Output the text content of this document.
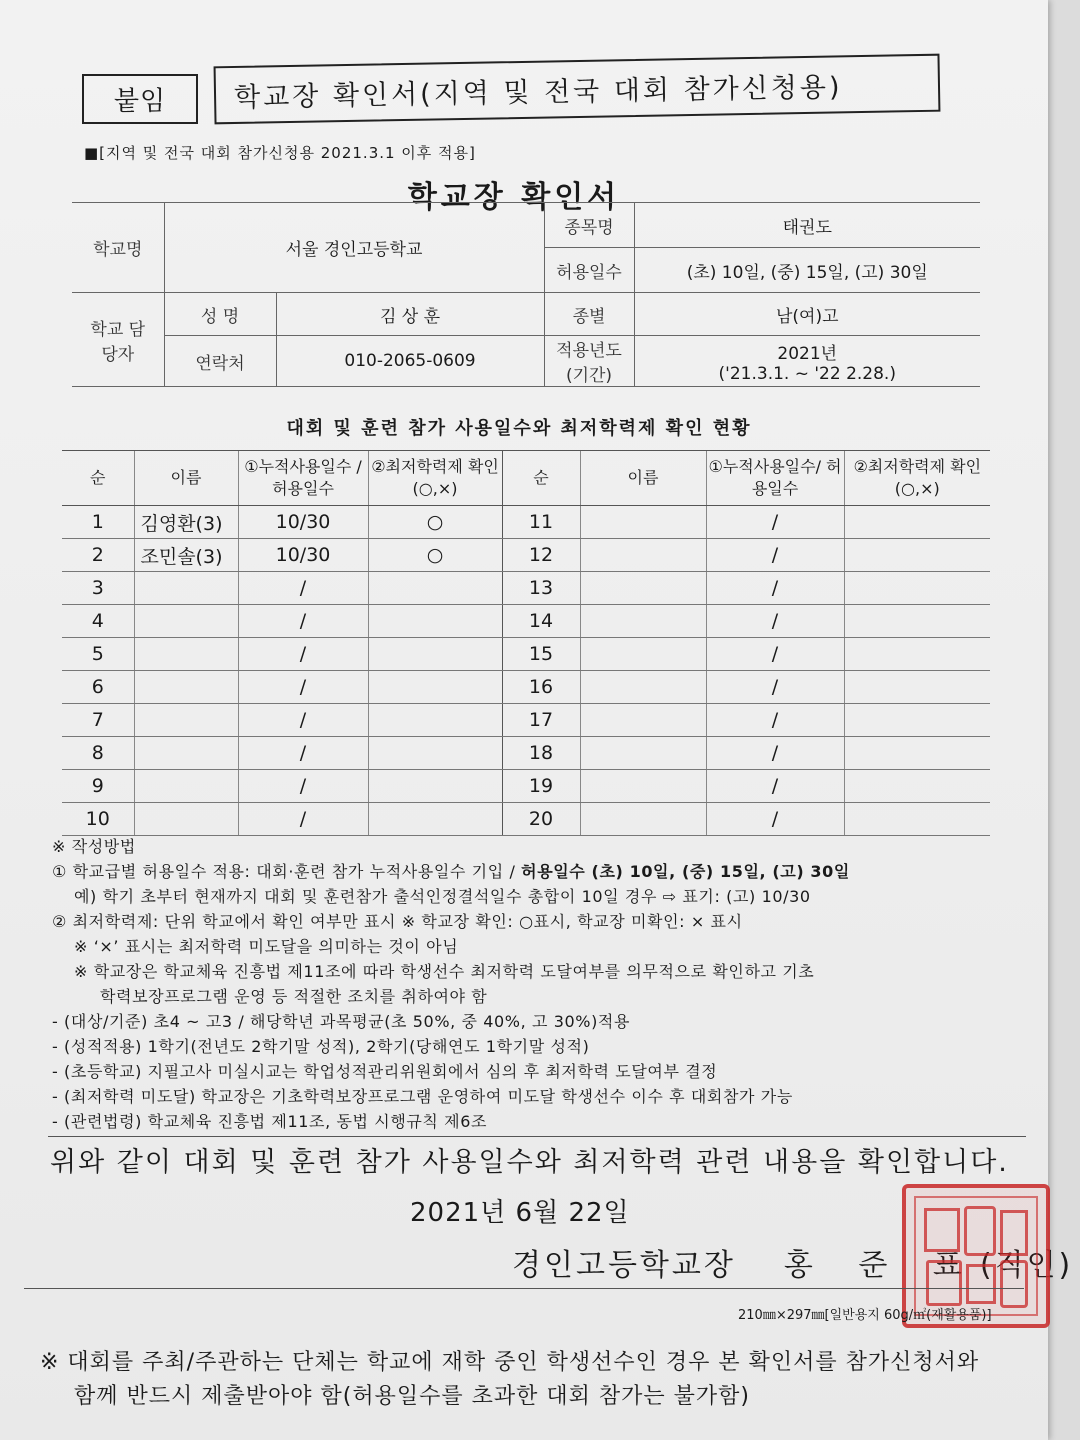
붙임	학교장 확인서(지역 및 전국 대회 참가신청용)
■[지역 및 전국 대회 참가신청용 2021.3.1 이후 적용]
학교장 확인서
학교명	서울 경인고등학교		종목명	태권도
			허용일수	(초) 10일, (중) 15일, (고) 30일
학교 담당자	성 명	김 상 훈	종별	남(여)고
	연락처	010-2065-0609	적용년도 (기간)	2021년
('21.3.1. ~ '22 2.28.)
대회 및 훈련 참가 사용일수와 최저학력제 확인 현황
순	이름	①누적사용일수 /허용일수	②최저학력제 확인(○,×)	순	이름	①누적사용일수/ 허용일수	②최저학력제 확인(○,×)
1	김영환(3)	10/30	○	11		/	
2	조민솔(3)	10/30	○	12		/	
3		/		13		/	
4		/		14		/	
5		/		15		/	
6		/		16		/	
7		/		17		/	
8		/		18		/	
9		/		19		/	
10		/		20		/	
※ 작성방법
① 학교급별 허용일수 적용: 대회·훈련 참가 누적사용일수 기입 / 허용일수 (초) 10일, (중) 15일, (고) 30일
예) 학기 초부터 현재까지 대회 및 훈련참가 출석인정결석일수 총합이 10일 경우 ⇨ 표기: (고) 10/30
② 최저학력제: 단위 학교에서 확인 여부만 표시 ※ 학교장 확인: ○표시, 학교장 미확인: × 표시
※ ‘×’ 표시는 최저학력 미도달을 의미하는 것이 아님
※ 학교장은 학교체육 진흥법 제11조에 따라 학생선수 최저학력 도달여부를 의무적으로 확인하고 기초
학력보장프로그램 운영 등 적절한 조치를 취하여야 함
- (대상/기준) 초4 ~ 고3 / 해당학년 과목평균(초 50%, 중 40%, 고 30%)적용
- (성적적용) 1학기(전년도 2학기말 성적), 2학기(당해연도 1학기말 성적)
- (초등학교) 지필고사 미실시교는 학업성적관리위원회에서 심의 후 최저학력 도달여부 결정
- (최저학력 미도달) 학교장은 기초학력보장프로그램 운영하여 미도달 학생선수 이수 후 대회참가 가능
- (관련법령) 학교체육 진흥법 제11조, 동법 시행규칙 제6조
위와 같이 대회 및 훈련 참가 사용일수와 최저학력 관련 내용을 확인합니다.
2021년 6월 22일
경인고등학교장 홍 준 표(직인)
210㎜×297㎜[일반용지 60g/㎡(재활용품)]
※ 대회를 주최/주관하는 단체는 학교에 재학 중인 학생선수인 경우 본 확인서를 참가신청서와
함께 반드시 제출받아야 함(허용일수를 초과한 대회 참가는 불가함)
